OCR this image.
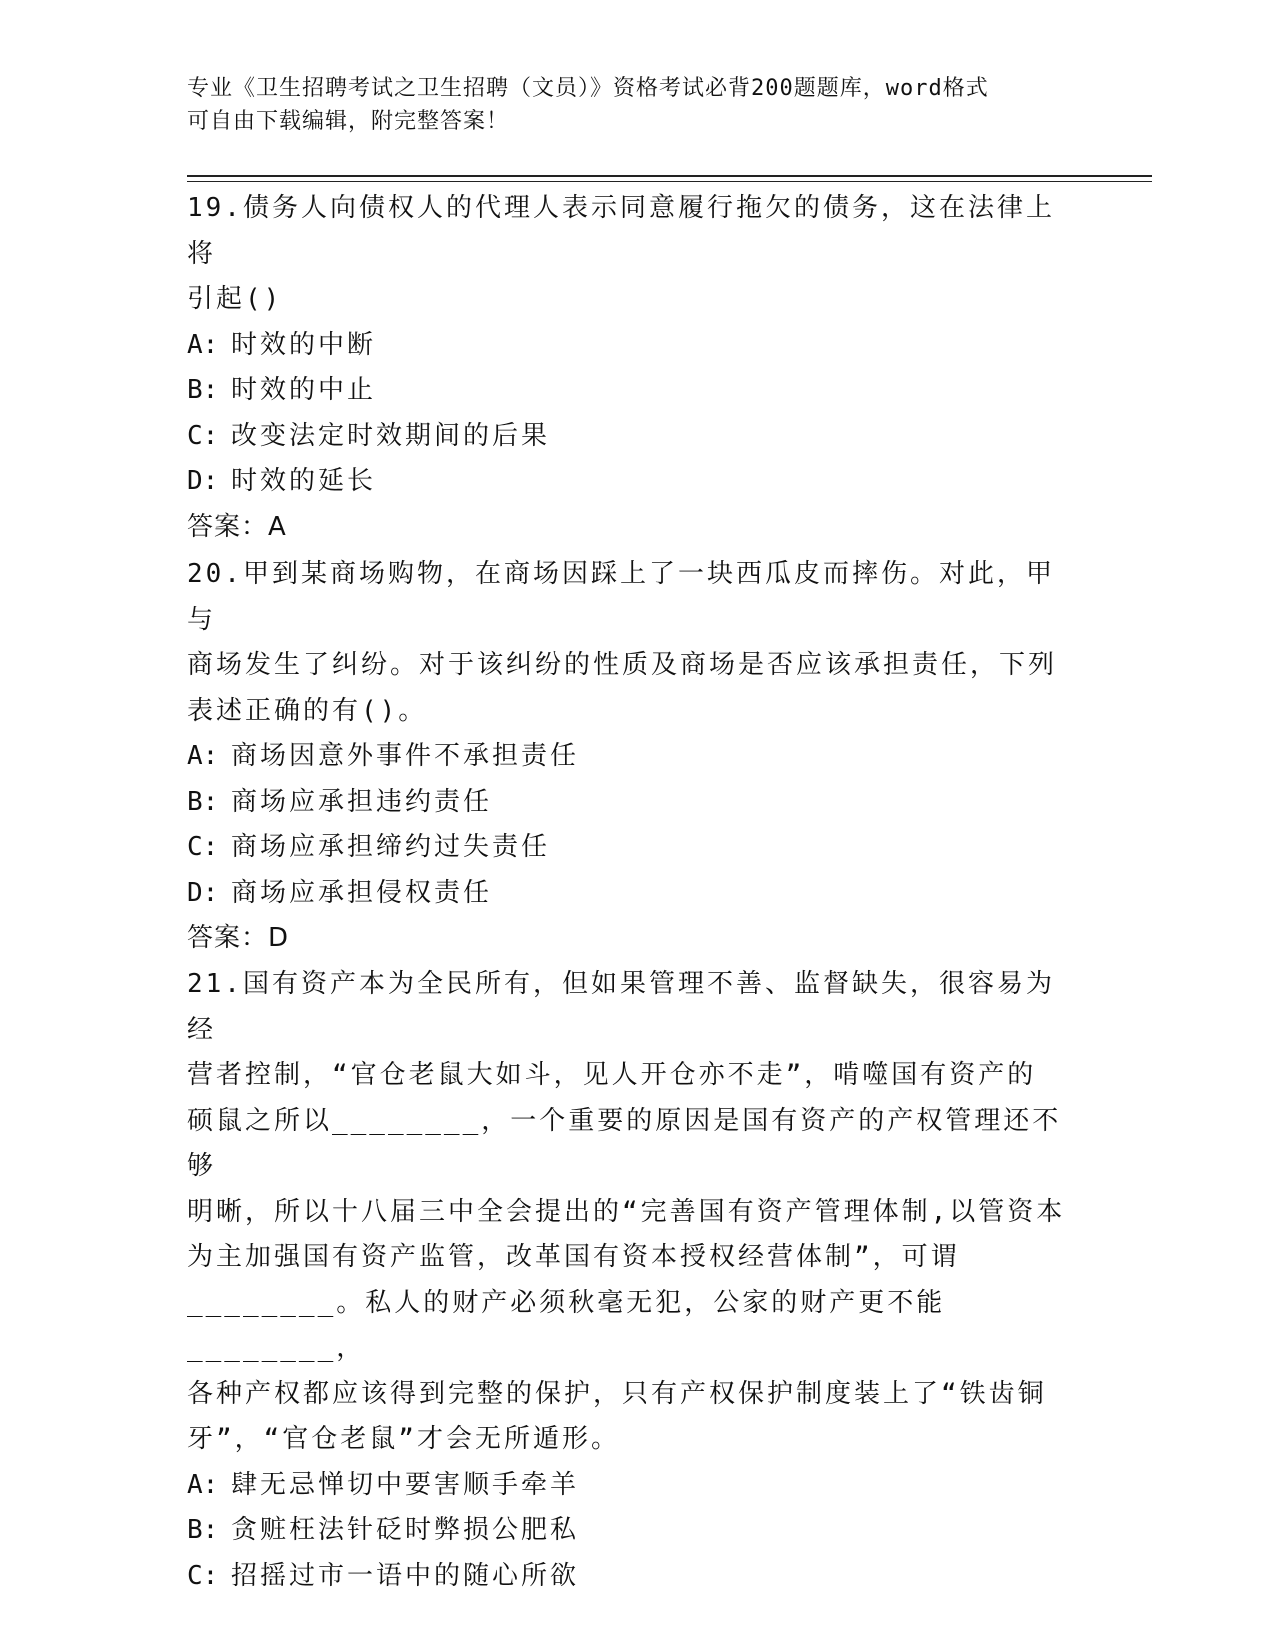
专业《卫生招聘考试之卫生招聘（文员）》资格考试必背200题题库，word格式
可自由下载编辑，附完整答案！

19.债务人向债权人的代理人表示同意履行拖欠的债务，这在法律上将

引起()

A: 时效的中断

B: 时效的中止

C: 改变法定时效期间的后果

D: 时效的延长

答案：A

20.甲到某商场购物，在商场因踩上了一块西瓜皮而摔伤。对此，甲与

商场发生了纠纷。对于该纠纷的性质及商场是否应该承担责任，下列

表述正确的有()。

A: 商场因意外事件不承担责任

B: 商场应承担违约责任

C: 商场应承担缔约过失责任

D: 商场应承担侵权责任

答案：D

21.国有资产本为全民所有，但如果管理不善、监督缺失，很容易为经

营者控制，“官仓老鼠大如斗，见人开仓亦不走”，啃噬国有资产的

硕鼠之所以________，一个重要的原因是国有资产的产权管理还不够

明晰，所以十八届三中全会提出的“完善国有资产管理体制,以管资本

为主加强国有资产监管，改革国有资本授权经营体制”，可谓

________。私人的财产必须秋毫无犯，公家的财产更不能________，

各种产权都应该得到完整的保护，只有产权保护制度装上了“铁齿铜

牙”，“官仓老鼠”才会无所遁形。

A: 肆无忌惮切中要害顺手牵羊

B: 贪赃枉法针砭时弊损公肥私

C: 招摇过市一语中的随心所欲
